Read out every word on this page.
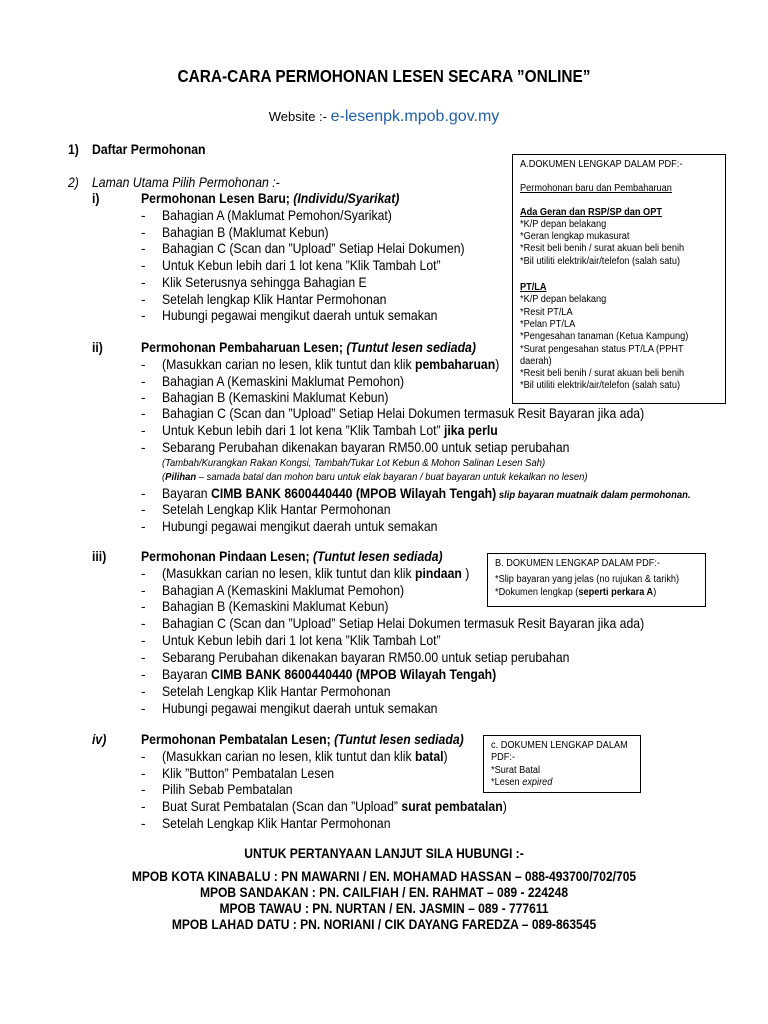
CARA-CARA PERMOHONAN LESEN SECARA ”ONLINE”
Website :- e-lesenpk.mpob.gov.my
1) Daftar Permohonan
2) Laman Utama Pilih Permohonan :-
i)	Permohonan Lesen Baru; (Individu/Syarikat)
- Bahagian A (Maklumat Pemohon/Syarikat)
- Bahagian B (Maklumat Kebun)
- Bahagian C (Scan dan ”Upload” Setiap Helai Dokumen)
- Untuk Kebun lebih dari 1 lot kena ”Klik Tambah Lot”
- Klik Seterusnya sehingga Bahagian E
- Setelah lengkap Klik Hantar Permohonan
- Hubungi pegawai mengikut daerah untuk semakan
ii)	Permohonan Pembaharuan Lesen; (Tuntut lesen sediada)
- (Masukkan carian no lesen, klik tuntut dan klik pembaharuan)
- Bahagian A (Kemaskini Maklumat Pemohon)
- Bahagian B (Kemaskini Maklumat Kebun)
- Bahagian C (Scan dan ”Upload” Setiap Helai Dokumen termasuk Resit Bayaran jika ada)
- Untuk Kebun lebih dari 1 lot kena ”Klik Tambah Lot” jika perlu
- Sebarang Perubahan dikenakan bayaran RM50.00 untuk setiap perubahan
(Tambah/Kurangkan Rakan Kongsi, Tambah/Tukar Lot Kebun & Mohon Salinan Lesen Sah)
(Pilihan – samada batal dan mohon baru untuk elak bayaran / buat bayaran untuk kekalkan no lesen)
- Bayaran CIMB BANK 8600440440 (MPOB Wilayah Tengah) slip bayaran muatnaik dalam permohonan.
- Setelah Lengkap Klik Hantar Permohonan
- Hubungi pegawai mengikut daerah untuk semakan
iii)	Permohonan Pindaan Lesen; (Tuntut lesen sediada)
- (Masukkan carian no lesen, klik tuntut dan klik pindaan )
- Bahagian A (Kemaskini Maklumat Pemohon)
- Bahagian B (Kemaskini Maklumat Kebun)
- Bahagian C (Scan dan ”Upload” Setiap Helai Dokumen termasuk Resit Bayaran jika ada)
- Untuk Kebun lebih dari 1 lot kena ”Klik Tambah Lot”
- Sebarang Perubahan dikenakan bayaran RM50.00 untuk setiap perubahan
- Bayaran CIMB BANK 8600440440 (MPOB Wilayah Tengah)
- Setelah Lengkap Klik Hantar Permohonan
- Hubungi pegawai mengikut daerah untuk semakan
iv)	Permohonan Pembatalan Lesen; (Tuntut lesen sediada)
- (Masukkan carian no lesen, klik tuntut dan klik batal)
- Klik ”Button” Pembatalan Lesen
- Pilih Sebab Pembatalan
- Buat Surat Pembatalan (Scan dan ”Upload” surat pembatalan)
- Setelah Lengkap Klik Hantar Permohonan
A.DOKUMEN LENGKAP DALAM PDF:-
Permohonan baru dan Pembaharuan
Ada Geran dan RSP/SP dan OPT
*K/P depan belakang
*Geran lengkap mukasurat
*Resit beli benih / surat akuan beli benih
*Bil utiliti elektrik/air/telefon (salah satu)
PT/LA
*K/P depan belakang
*Resit PT/LA
*Pelan PT/LA
*Pengesahan tanaman (Ketua Kampung)
*Surat pengesahan status PT/LA (PPHT
daerah)
*Resit beli benih / surat akuan beli benih
*Bil utiliti elektrik/air/telefon (salah satu)
B. DOKUMEN LENGKAP DALAM PDF:-
*Slip bayaran yang jelas (no rujukan & tarikh)
*Dokumen lengkap (seperti perkara A)
c. DOKUMEN LENGKAP DALAM
PDF:-
*Surat Batal
*Lesen expired
UNTUK PERTANYAAN LANJUT SILA HUBUNGI :-
MPOB KOTA KINABALU : PN MAWARNI / EN. MOHAMAD HASSAN – 088-493700/702/705
MPOB SANDAKAN : PN. CAILFIAH / EN. RAHMAT – 089 - 224248
MPOB TAWAU : PN. NURTAN / EN. JASMIN – 089 - 777611
MPOB LAHAD DATU : PN. NORIANI / CIK DAYANG FAREDZA – 089-863545
